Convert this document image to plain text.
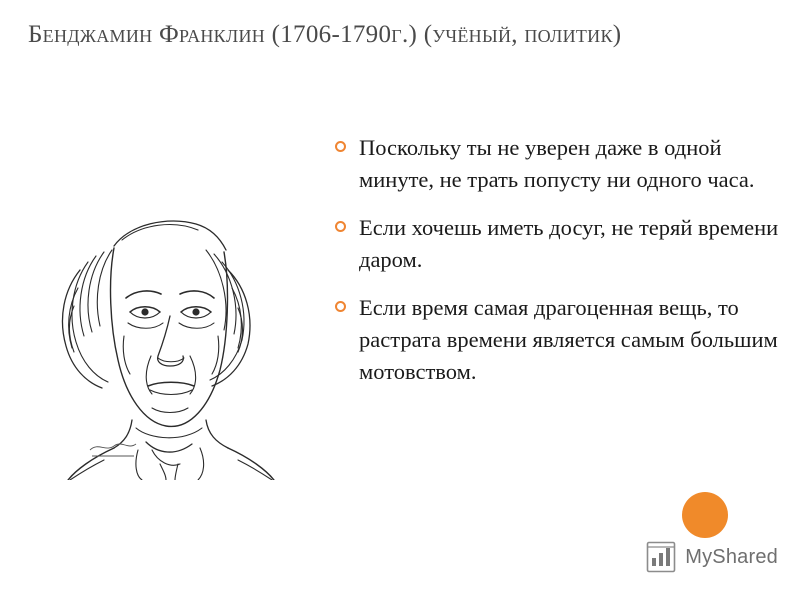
Бенджамин Франклин (1706-1790г.) (учёный, политик)
Поскольку ты не уверен даже в одной минуте, не трать попусту ни одного часа.
Если хочешь иметь досуг, не теряй времени даром.
Если время самая драгоценная вещь, то растрата времени является самым большим мотовством.
MyShared
